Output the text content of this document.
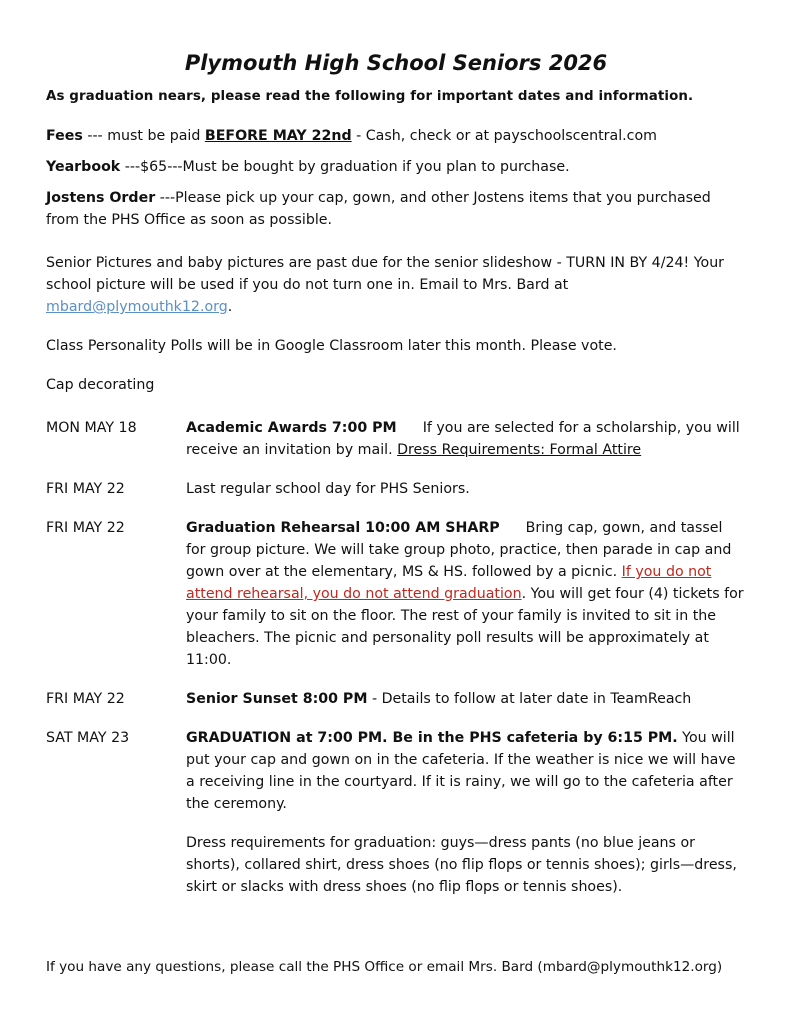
Plymouth High School Seniors 2026

As graduation nears, please read the following for important dates and information.

Fees --- must be paid BEFORE MAY 22nd - Cash, check or at payschoolscentral.com

Yearbook ---$65---Must be bought by graduation if you plan to purchase.

Jostens Order ---Please pick up your cap, gown, and other Jostens items that you purchased from the PHS Office as soon as possible.

Senior Pictures and baby pictures are past due for the senior slideshow - TURN IN BY 4/24! Your school picture will be used if you do not turn one in. Email to Mrs. Bard at mbard@plymouthk12.org.

Class Personality Polls will be in Google Classroom later this month. Please vote.

Cap decorating

MON MAY 18	Academic Awards 7:00 PM If you are selected for a scholarship, you will receive an invitation by mail. Dress Requirements: Formal Attire
FRI MAY 22	Last regular school day for PHS Seniors.
FRI MAY 22	Graduation Rehearsal 10:00 AM SHARP Bring cap, gown, and tassel for group picture. We will take group photo, practice, then parade in cap and gown over at the elementary, MS & HS. followed by a picnic. If you do not attend rehearsal, you do not attend graduation. You will get four (4) tickets for your family to sit on the floor. The rest of your family is invited to sit in the bleachers. The picnic and personality poll results will be approximately at 11:00.
FRI MAY 22	Senior Sunset 8:00 PM - Details to follow at later date in TeamReach
SAT MAY 23	GRADUATION at 7:00 PM. Be in the PHS cafeteria by 6:15 PM. You will put your cap and gown on in the cafeteria. If the weather is nice we will have a receiving line in the courtyard. If it is rainy, we will go to the cafeteria after the ceremony.
Dress requirements for graduation: guys—dress pants (no blue jeans or shorts), collared shirt, dress shoes (no flip flops or tennis shoes); girls—dress, skirt or slacks with dress shoes (no flip flops or tennis shoes).

If you have any questions, please call the PHS Office or email Mrs. Bard (mbard@plymouthk12.org)
